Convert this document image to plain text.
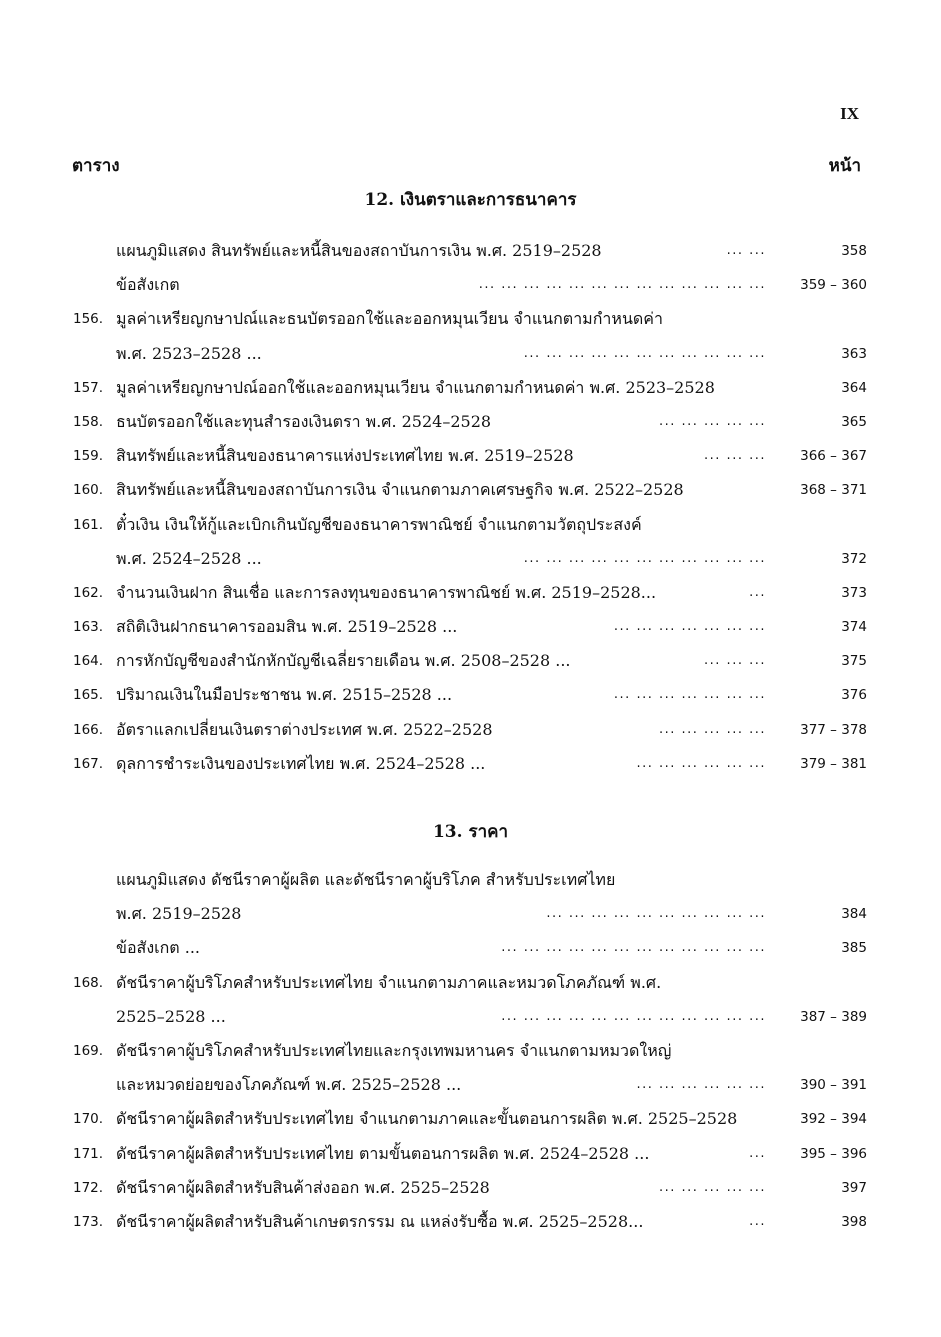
IX
ตาราง	หน้า
12. เงินตราและการธนาคาร
แผนภูมิแสดง สินทรัพย์และหนี้สินของสถาบันการเงิน พ.ศ. 2519–2528	... ...	358
ข้อสังเกต	... ... ... ... ... ... ... ... ... ... ... ... ...	359 – 360
156. มูลค่าเหรียญกษาปณ์และธนบัตรออกใช้และออกหมุนเวียน จำแนกตามกำหนดค่า
พ.ศ. 2523–2528 ...	... ... ... ... ... ... ... ... ... ... ...	363
157. มูลค่าเหรียญกษาปณ์ออกใช้และออกหมุนเวียน จำแนกตามกำหนดค่า พ.ศ. 2523–2528	364
158. ธนบัตรออกใช้และทุนสำรองเงินตรา พ.ศ. 2524–2528	... ... ... ... ...	365
159. สินทรัพย์และหนี้สินของธนาคารแห่งประเทศไทย พ.ศ. 2519–2528	... ... ...	366 – 367
160. สินทรัพย์และหนี้สินของสถาบันการเงิน จำแนกตามภาคเศรษฐกิจ พ.ศ. 2522–2528	368 – 371
161. ตั๋วเงิน เงินให้กู้และเบิกเกินบัญชีของธนาคารพาณิชย์ จำแนกตามวัตถุประสงค์
พ.ศ. 2524–2528 ...	... ... ... ... ... ... ... ... ... ... ...	372
162. จำนวนเงินฝาก สินเชื่อ และการลงทุนของธนาคารพาณิชย์ พ.ศ. 2519–2528...	...	373
163. สถิติเงินฝากธนาคารออมสิน พ.ศ. 2519–2528 ...	... ... ... ... ... ... ...	374
164. การหักบัญชีของสำนักหักบัญชีเฉลี่ยรายเดือน พ.ศ. 2508–2528 ...	... ... ...	375
165. ปริมาณเงินในมือประชาชน พ.ศ. 2515–2528 ...	... ... ... ... ... ... ...	376
166. อัตราแลกเปลี่ยนเงินตราต่างประเทศ พ.ศ. 2522–2528	... ... ... ... ...	377 – 378
167. ดุลการชำระเงินของประเทศไทย พ.ศ. 2524–2528 ...	... ... ... ... ... ...	379 – 381
13. ราคา
แผนภูมิแสดง ดัชนีราคาผู้ผลิต และดัชนีราคาผู้บริโภค สำหรับประเทศไทย
พ.ศ. 2519–2528	... ... ... ... ... ... ... ... ... ...	384
ข้อสังเกต ...	... ... ... ... ... ... ... ... ... ... ... ...	385
168. ดัชนีราคาผู้บริโภคสำหรับประเทศไทย จำแนกตามภาคและหมวดโภคภัณฑ์ พ.ศ.
2525–2528 ...	... ... ... ... ... ... ... ... ... ... ... ...	387 – 389
169. ดัชนีราคาผู้บริโภคสำหรับประเทศไทยและกรุงเทพมหานคร จำแนกตามหมวดใหญ่
และหมวดย่อยของโภคภัณฑ์ พ.ศ. 2525–2528 ...	... ... ... ... ... ...	390 – 391
170. ดัชนีราคาผู้ผลิตสำหรับประเทศไทย จำแนกตามภาคและขั้นตอนการผลิต พ.ศ. 2525–2528	392 – 394
171. ดัชนีราคาผู้ผลิตสำหรับประเทศไทย ตามขั้นตอนการผลิต พ.ศ. 2524–2528 ...	...	395 – 396
172. ดัชนีราคาผู้ผลิตสำหรับสินค้าส่งออก พ.ศ. 2525–2528	... ... ... ... ...	397
173. ดัชนีราคาผู้ผลิตสำหรับสินค้าเกษตรกรรม ณ แหล่งรับซื้อ พ.ศ. 2525–2528...	...	398
